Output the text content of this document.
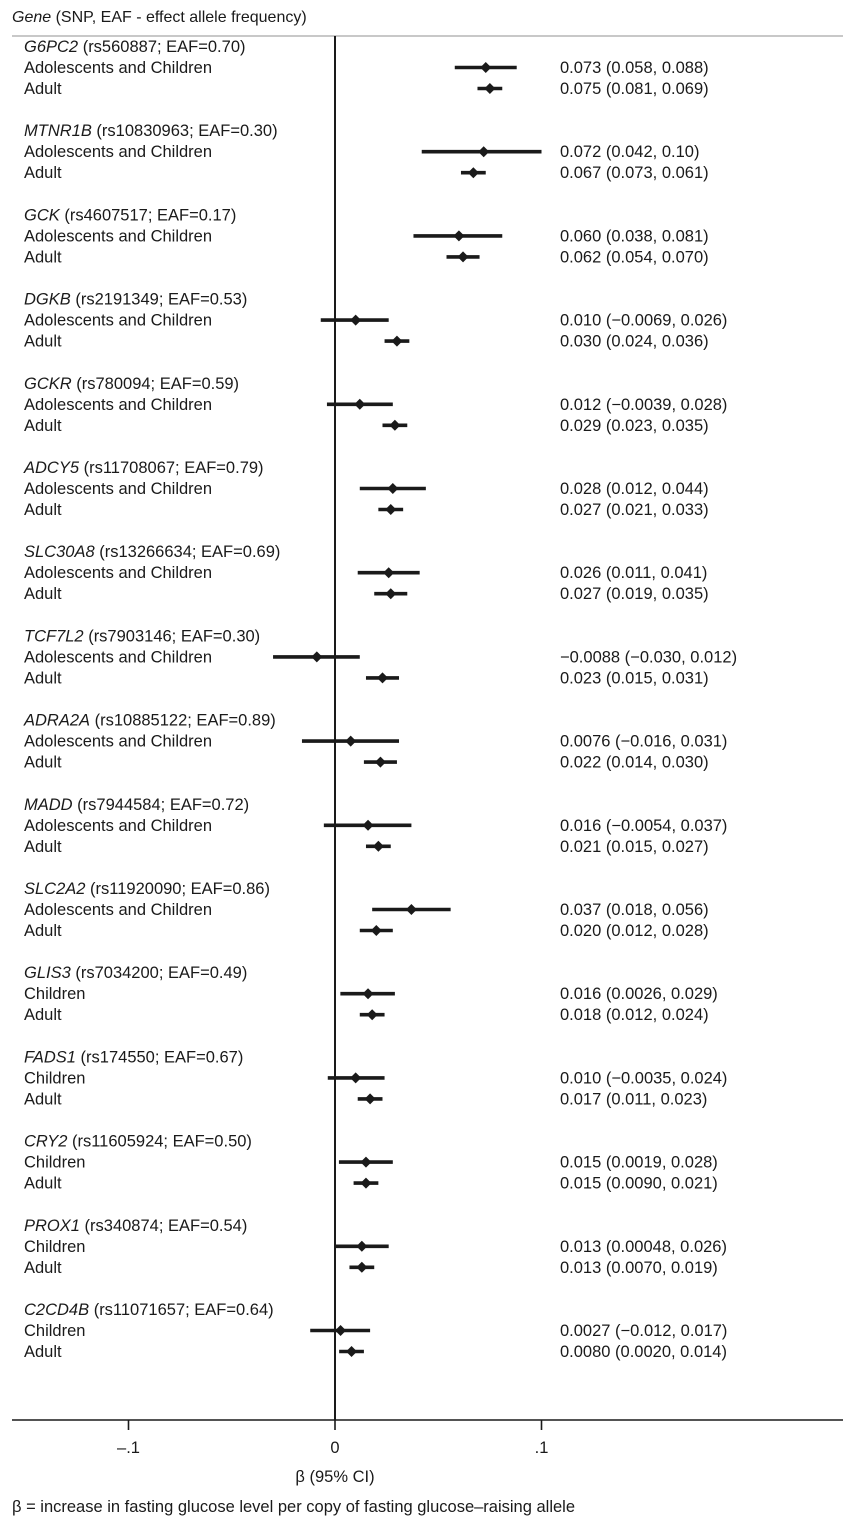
Gene (SNP, EAF - effect allele frequency)
G6PC2 (rs560887; EAF=0.70)
Adolescents and Children	0.073 (0.058, 0.088)
Adult	0.075 (0.081, 0.069)
MTNR1B (rs10830963; EAF=0.30)
Adolescents and Children	0.072 (0.042, 0.10)
Adult	0.067 (0.073, 0.061)
GCK (rs4607517; EAF=0.17)
Adolescents and Children	0.060 (0.038, 0.081)
Adult	0.062 (0.054, 0.070)
DGKB (rs2191349; EAF=0.53)
Adolescents and Children	0.010 (−0.0069, 0.026)
Adult	0.030 (0.024, 0.036)
GCKR (rs780094; EAF=0.59)
Adolescents and Children	0.012 (−0.0039, 0.028)
Adult	0.029 (0.023, 0.035)
ADCY5 (rs11708067; EAF=0.79)
Adolescents and Children	0.028 (0.012, 0.044)
Adult	0.027 (0.021, 0.033)
SLC30A8 (rs13266634; EAF=0.69)
Adolescents and Children	0.026 (0.011, 0.041)
Adult	0.027 (0.019, 0.035)
TCF7L2 (rs7903146; EAF=0.30)
Adolescents and Children	−0.0088 (−0.030, 0.012)
Adult	0.023 (0.015, 0.031)
ADRA2A (rs10885122; EAF=0.89)
Adolescents and Children	0.0076 (−0.016, 0.031)
Adult	0.022 (0.014, 0.030)
MADD (rs7944584; EAF=0.72)
Adolescents and Children	0.016 (−0.0054, 0.037)
Adult	0.021 (0.015, 0.027)
SLC2A2 (rs11920090; EAF=0.86)
Adolescents and Children	0.037 (0.018, 0.056)
Adult	0.020 (0.012, 0.028)
GLIS3 (rs7034200; EAF=0.49)
Children	0.016 (0.0026, 0.029)
Adult	0.018 (0.012, 0.024)
FADS1 (rs174550; EAF=0.67)
Children	0.010 (−0.0035, 0.024)
Adult	0.017 (0.011, 0.023)
CRY2 (rs11605924; EAF=0.50)
Children	0.015 (0.0019, 0.028)
Adult	0.015 (0.0090, 0.021)
PROX1 (rs340874; EAF=0.54)
Children	0.013 (0.00048, 0.026)
Adult	0.013 (0.0070, 0.019)
C2CD4B (rs11071657; EAF=0.64)
Children	0.0027 (−0.012, 0.017)
Adult	0.0080 (0.0020, 0.014)
–.1	0	.1
β (95% CI)
β = increase in fasting glucose level per copy of fasting glucose–raising allele
